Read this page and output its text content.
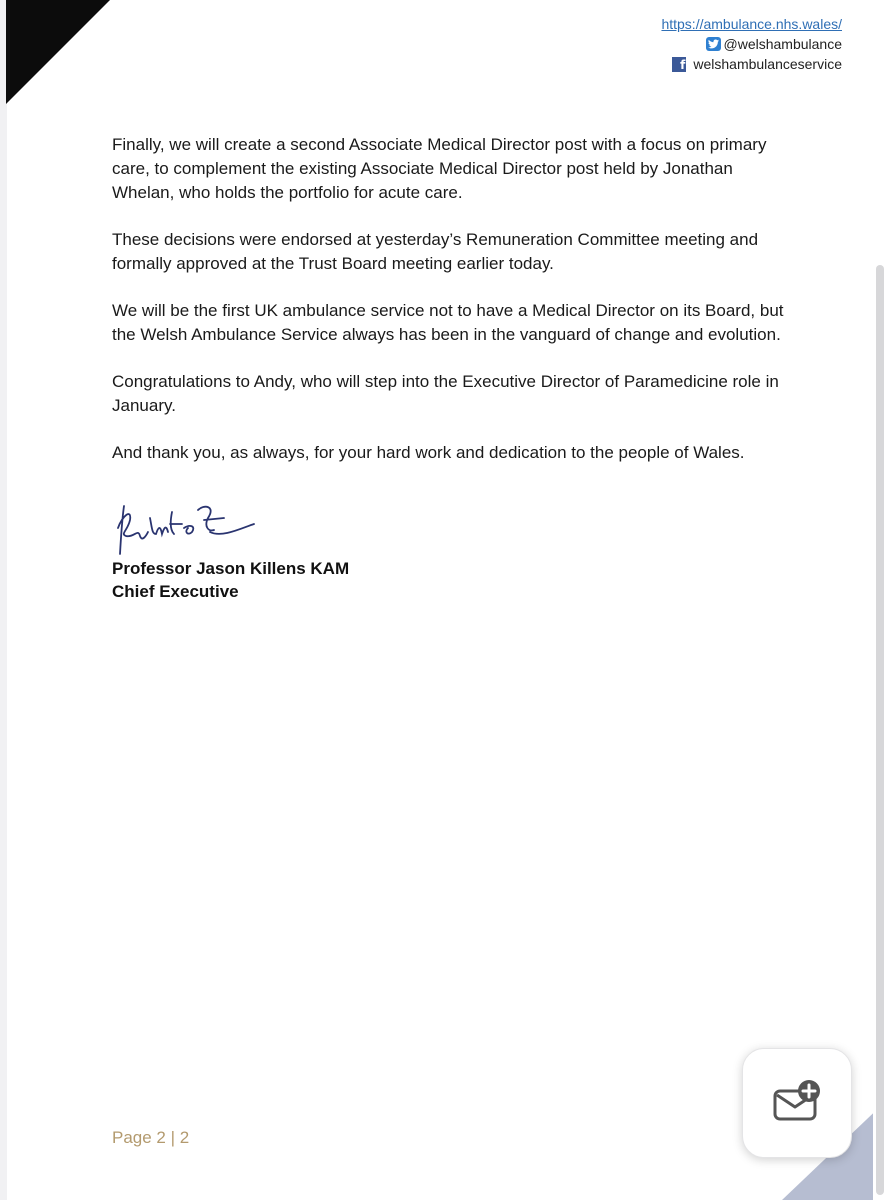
https://ambulance.nhs.wales/
@welshambulance
f welshambulanceservice

Finally, we will create a second Associate Medical Director post with a focus on primary care, to complement the existing Associate Medical Director post held by Jonathan Whelan, who holds the portfolio for acute care.

These decisions were endorsed at yesterday’s Remuneration Committee meeting and formally approved at the Trust Board meeting earlier today.

We will be the first UK ambulance service not to have a Medical Director on its Board, but the Welsh Ambulance Service always has been in the vanguard of change and evolution.

Congratulations to Andy, who will step into the Executive Director of Paramedicine role in January.

And thank you, as always, for your hard work and dedication to the people of Wales.

Professor Jason Killens KAM
Chief Executive
Page 2 | 2
